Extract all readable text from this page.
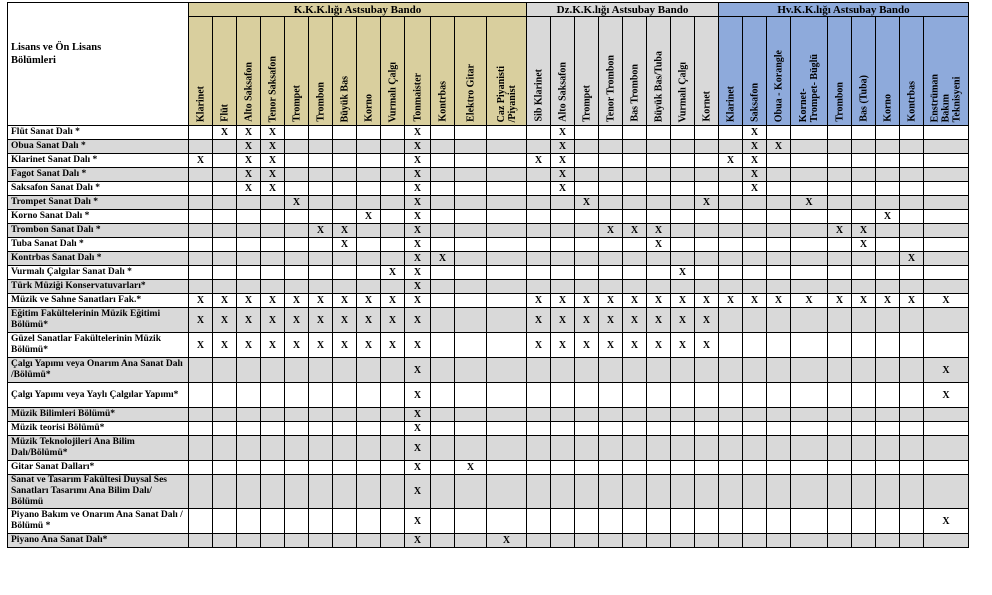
Lisans ve Ön Lisans
Bölümleri	K.K.K.lığı Astsubay Bando													Dz.K.K.lığı Astsubay Bando								Hv.K.K.lığı Astsubay Bando								

	Klarinet	Flüt	Alto Saksafon	Tenor Saksafon	Trompet	Trombon	Büyük Bas	Korno	Vurmalı Çalgı	Tonmaister	Kontrbas	Elektro Gitar	Caz Piyanisti
/Piyanist	Sib Klarinet	Alto Saksafon	Trompet	Tenor Trombon	Bas Trombon	Büyük Bas/Tuba	Vurmalı Çalgı	Kornet	Klarinet	Saksafon	Obua - Korangle	Kornet-
Trompet- Büglü	Trombon	Bas (Tuba)	Korno	Kontrbas	Enstrüman
Bakım
Teknisyeni

Flüt Sanat Dalı *		X	X	X						X					X								X							
Obua Sanat Dalı *			X	X						X					X								X	X						
Klarinet Sanat Dalı *	X		X	X						X				X	X							X	X							
Fagot Sanat Dalı *			X	X						X					X								X							
Saksafon Sanat Dalı *			X	X						X					X								X							
Trompet Sanat Dalı *					X					X						X					X				X					
Korno Sanat Dalı *								X		X																		X		
Trombon Sanat Dalı *						X	X			X							X	X	X							X	X			
Tuba Sanat Dalı *							X			X									X								X			
Kontrbas Sanat Dalı *										X	X																		X	
Vurmalı Çalgılar Sanat Dalı *									X	X										X										
Türk Müziği Konservatuvarları*										X																				
Müzik ve Sahne Sanatları Fak.*	X	X	X	X	X	X	X	X	X	X				X	X	X	X	X	X	X	X	X	X	X	X	X	X	X	X	X
Eğitim Fakültelerinin Müzik Eğitimi Bölümü*	X	X	X	X	X	X	X	X	X	X				X	X	X	X	X	X	X	X									
Güzel Sanatlar Fakültelerinin Müzik Bölümü*	X	X	X	X	X	X	X	X	X	X				X	X	X	X	X	X	X	X									
Çalgı Yapımı veya Onarım Ana Sanat Dalı /Bölümü*										X																				X
Çalgı Yapımı veya Yaylı Çalgılar Yapımı*										X																				X
Müzik Bilimleri Bölümü*										X																				
Müzik teorisi Bölümü*										X																				
Müzik Teknolojileri Ana Bilim Dalı/Bölümü*										X																				
Gitar Sanat Dalları*										X		X																		
Sanat ve Tasarım Fakültesi Duysal Ses Sanatları Tasarımı Ana Bilim Dalı/ Bölümü										X																				
Piyano Bakım ve Onarım Ana Sanat Dalı / Bölümü *										X																				X
Piyano Ana Sanat Dalı*										X			X																	
